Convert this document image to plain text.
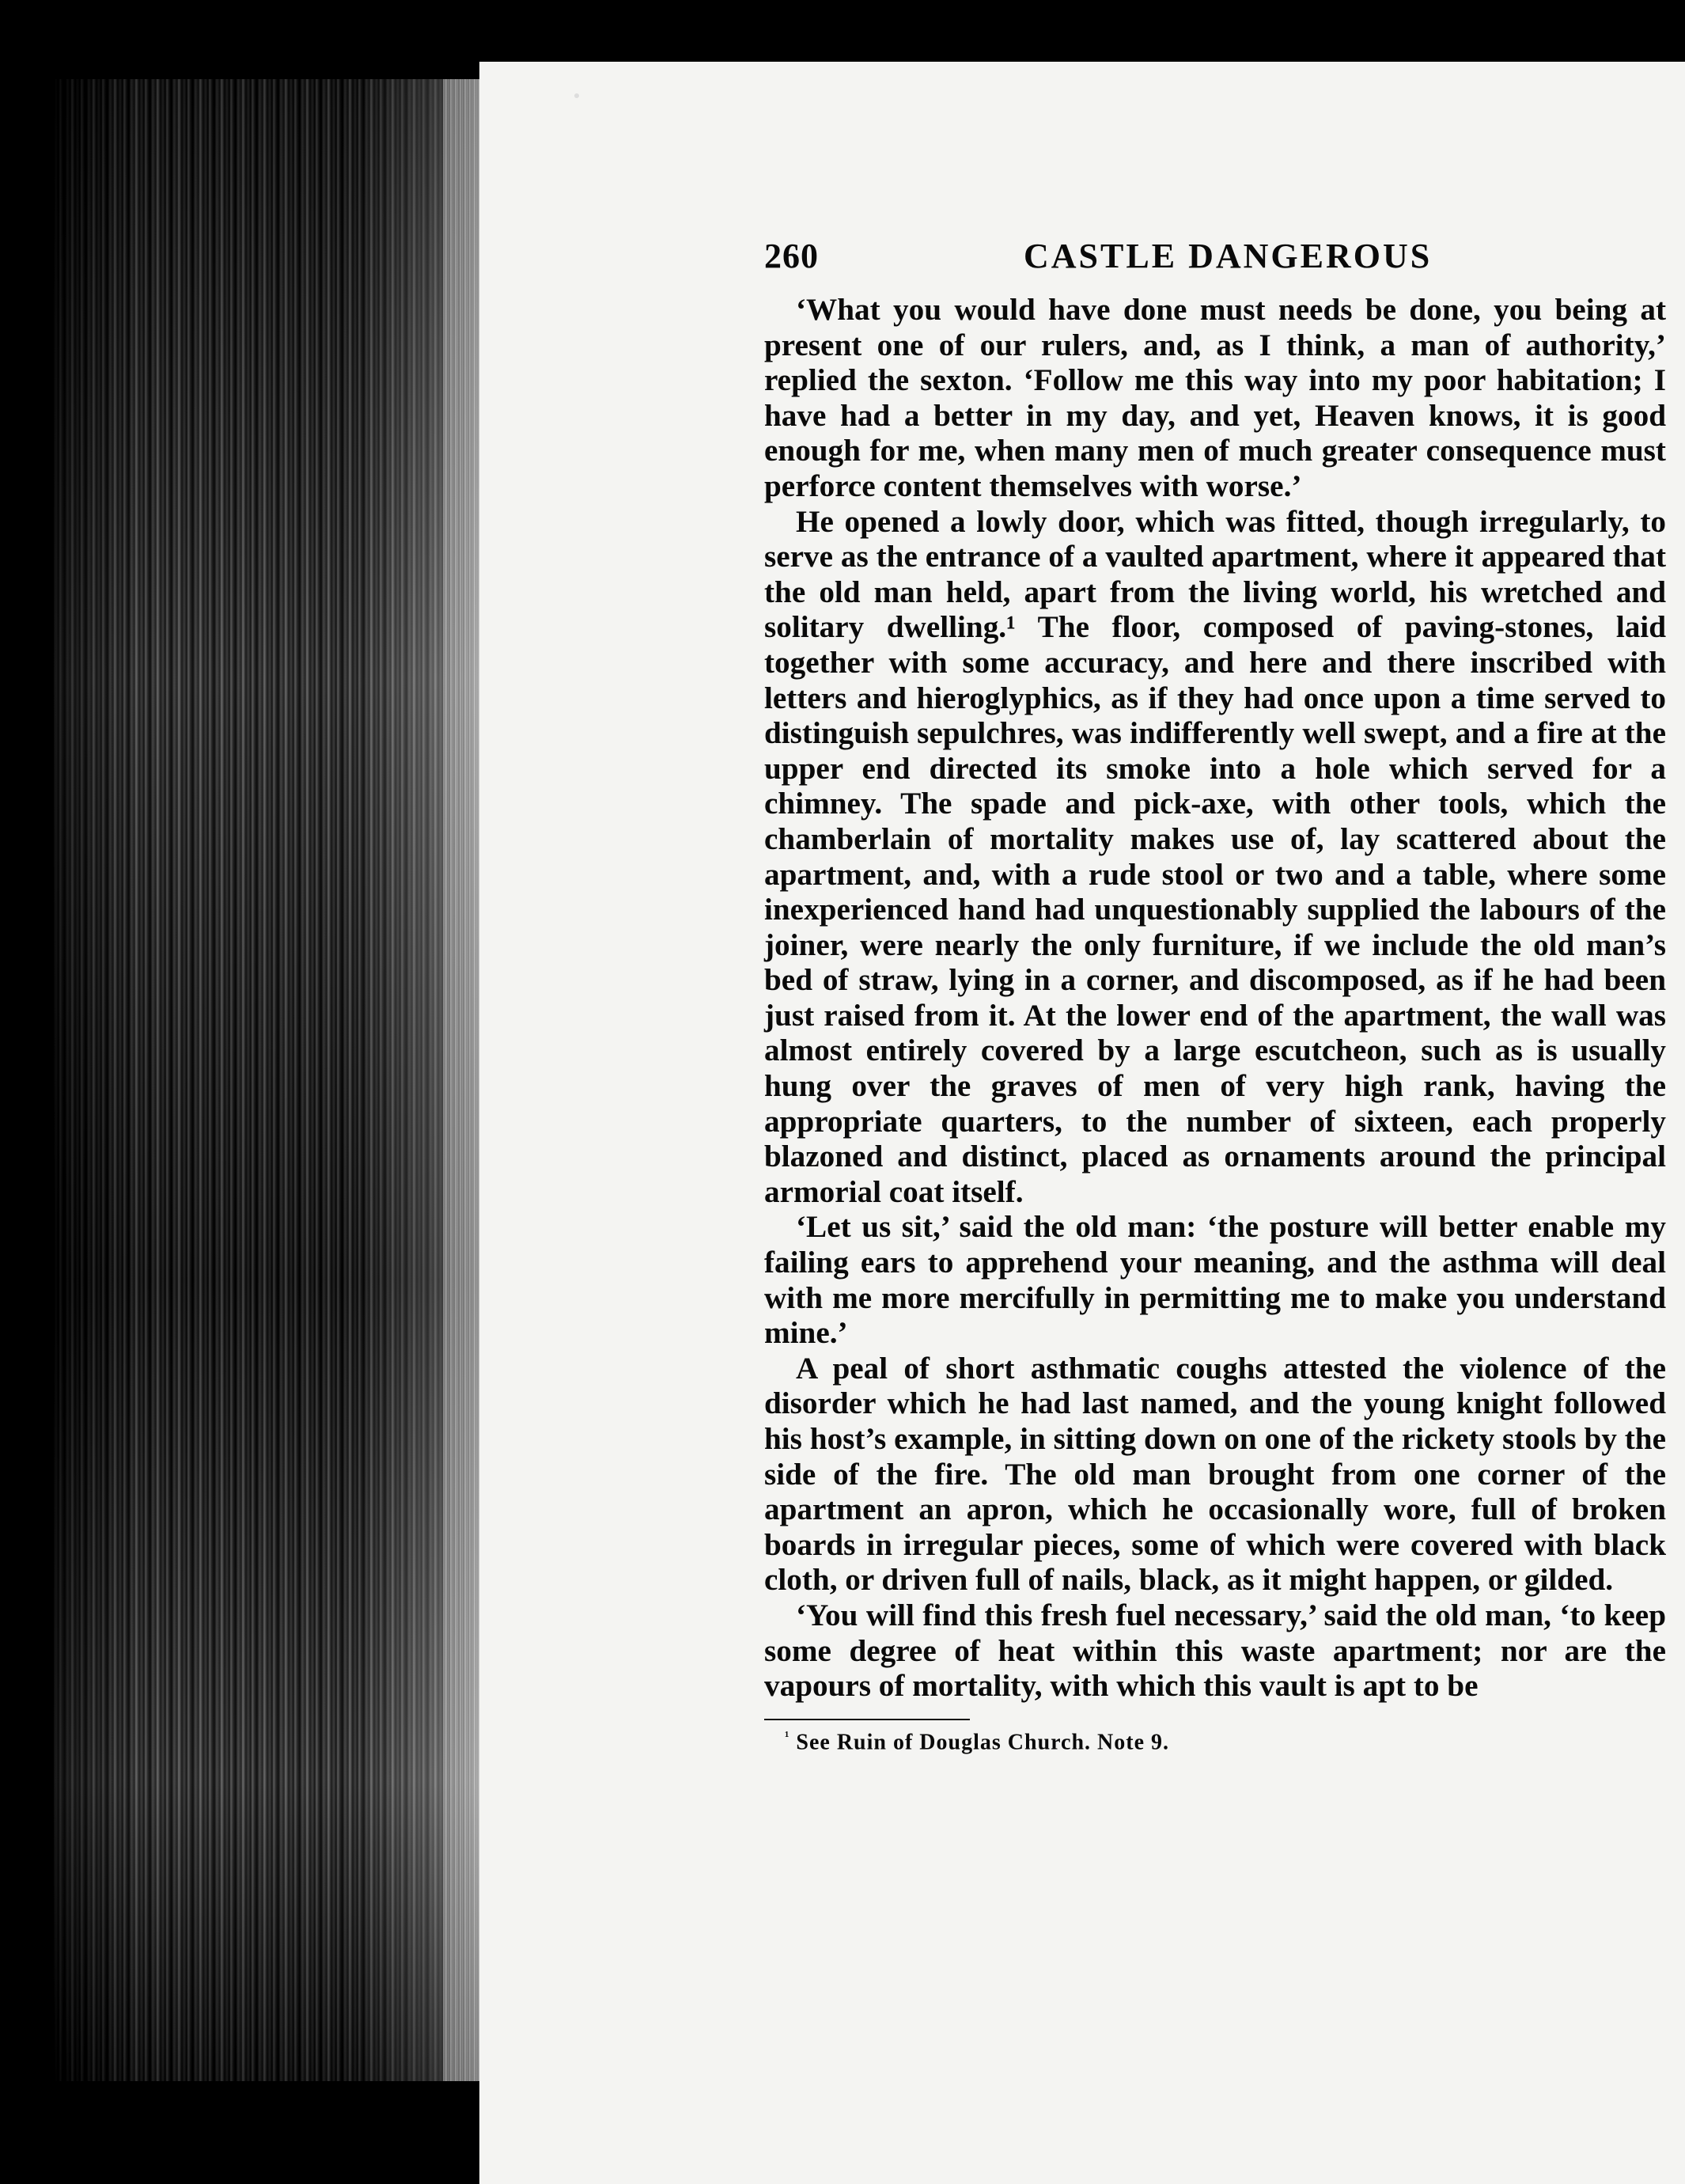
260	CASTLE DANGEROUS

‘What you would have done must needs be done, you being at present one of our rulers, and, as I think, a man of authority,’ replied the sexton. ‘Follow me this way into my poor habitation; I have had a better in my day, and yet, Heaven knows, it is good enough for me, when many men of much greater consequence must perforce content themselves with worse.’

He opened a lowly door, which was fitted, though irregularly, to serve as the entrance of a vaulted apartment, where it appeared that the old man held, apart from the living world, his wretched and solitary dwelling.¹ The floor, composed of paving-stones, laid together with some accuracy, and here and there inscribed with letters and hieroglyphics, as if they had once upon a time served to distinguish sepulchres, was indifferently well swept, and a fire at the upper end directed its smoke into a hole which served for a chimney. The spade and pick-axe, with other tools, which the chamberlain of mortality makes use of, lay scattered about the apartment, and, with a rude stool or two and a table, where some inexperienced hand had unquestionably supplied the labours of the joiner, were nearly the only furniture, if we include the old man’s bed of straw, lying in a corner, and discomposed, as if he had been just raised from it. At the lower end of the apartment, the wall was almost entirely covered by a large escutcheon, such as is usually hung over the graves of men of very high rank, having the appropriate quarters, to the number of sixteen, each properly blazoned and distinct, placed as ornaments around the principal armorial coat itself.

‘Let us sit,’ said the old man: ‘the posture will better enable my failing ears to apprehend your meaning, and the asthma will deal with me more mercifully in permitting me to make you understand mine.’

A peal of short asthmatic coughs attested the violence of the disorder which he had last named, and the young knight followed his host’s example, in sitting down on one of the rickety stools by the side of the fire. The old man brought from one corner of the apartment an apron, which he occasionally wore, full of broken boards in irregular pieces, some of which were covered with black cloth, or driven full of nails, black, as it might happen, or gilded.

‘You will find this fresh fuel necessary,’ said the old man, ‘to keep some degree of heat within this waste apartment; nor are the vapours of mortality, with which this vault is apt to be

$^{^1}$ See Ruin of Douglas Church. Note 9.
